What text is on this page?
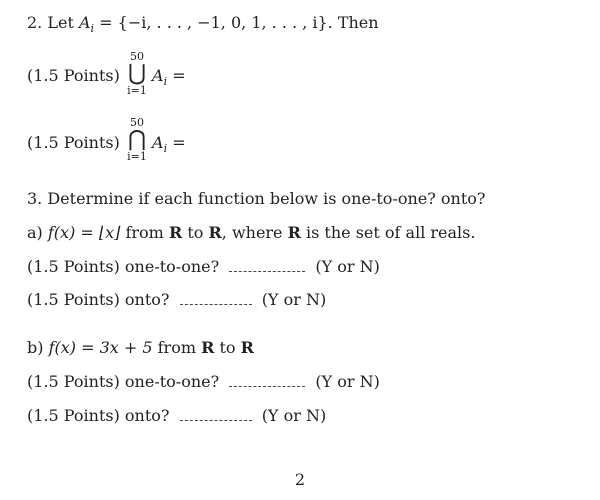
2. Let $A_i = \{-i$, . . . , −1, 0, 1, . . . , i}. Then
(1.5 Points)
50
⋃
i=1
$A_i$ =
(1.5 Points)
50
⋂
i=1
$A_i$ =
3. Determine if each function below is one-to-one? onto?
a) f(x) = ⌊x⌋ from R to R, where R is the set of all reals.
(1.5 Points) one-to-one?	(Y or N)
(1.5 Points) onto?	(Y or N)
b) f(x) = 3x + 5 from R to R
(1.5 Points) one-to-one?	(Y or N)
(1.5 Points) onto?	(Y or N)
2
